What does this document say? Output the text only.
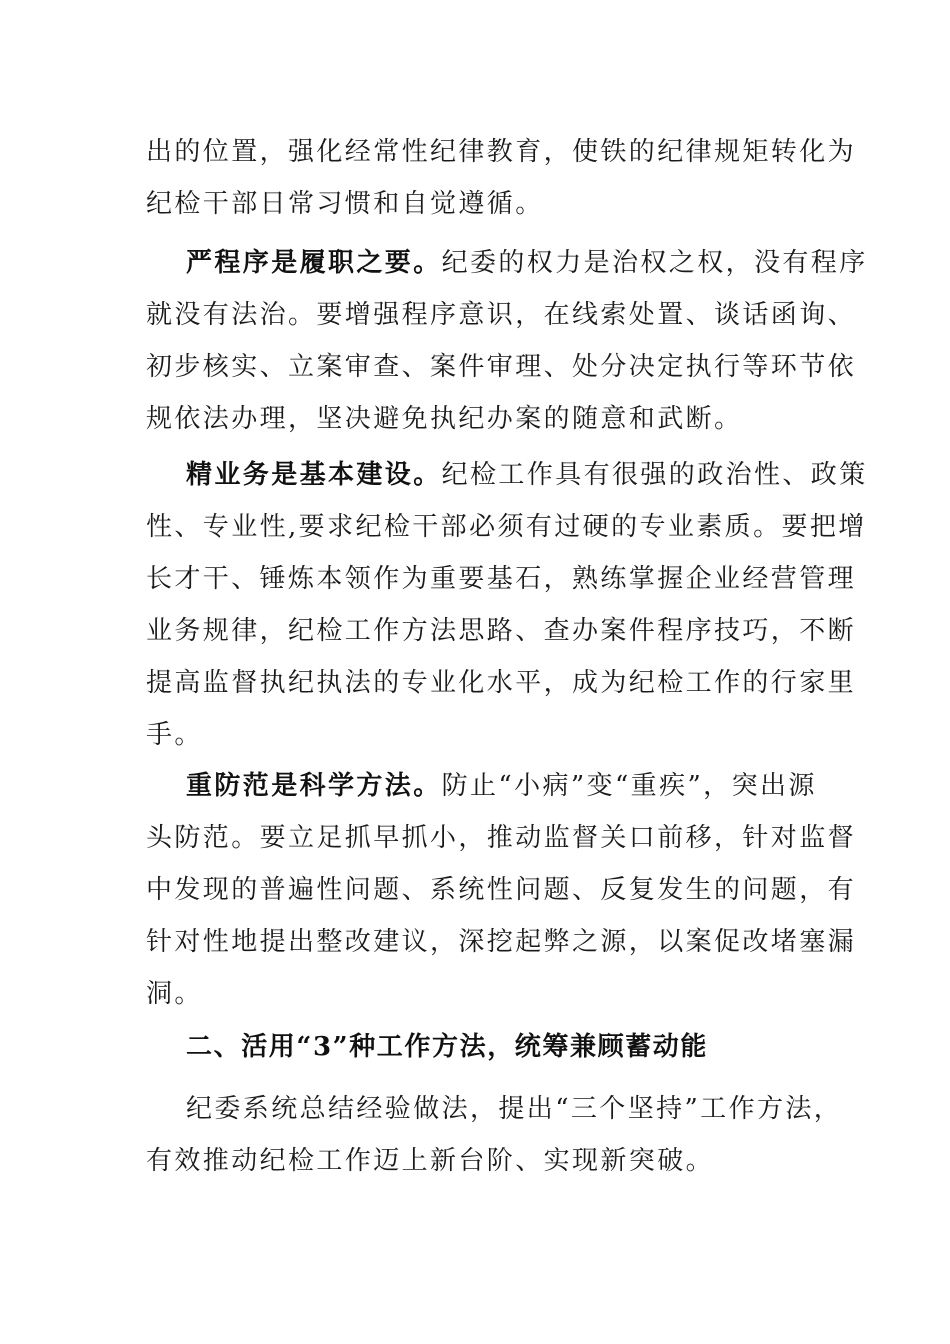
出的位置，强化经常性纪律教育，使铁的纪律规矩转化为
纪检干部日常习惯和自觉遵循。
严程序是履职之要。纪委的权力是治权之权，没有程序
就没有法治。要增强程序意识，在线索处置、谈话函询、
初步核实、立案审查、案件审理、处分决定执行等环节依
规依法办理，坚决避免执纪办案的随意和武断。
精业务是基本建设。纪检工作具有很强的政治性、政策
性、专业性,要求纪检干部必须有过硬的专业素质。要把增
长才干、锤炼本领作为重要基石，熟练掌握企业经营管理
业务规律，纪检工作方法思路、查办案件程序技巧，不断
提高监督执纪执法的专业化水平，成为纪检工作的行家里
手。
重防范是科学方法。防止“小病”变“重疾”，突出源
头防范。要立足抓早抓小，推动监督关口前移，针对监督
中发现的普遍性问题、系统性问题、反复发生的问题，有
针对性地提出整改建议，深挖起弊之源，以案促改堵塞漏
洞。
二、活用“3”种工作方法，统筹兼顾蓄动能
纪委系统总结经验做法，提出“三个坚持”工作方法，
有效推动纪检工作迈上新台阶、实现新突破。
